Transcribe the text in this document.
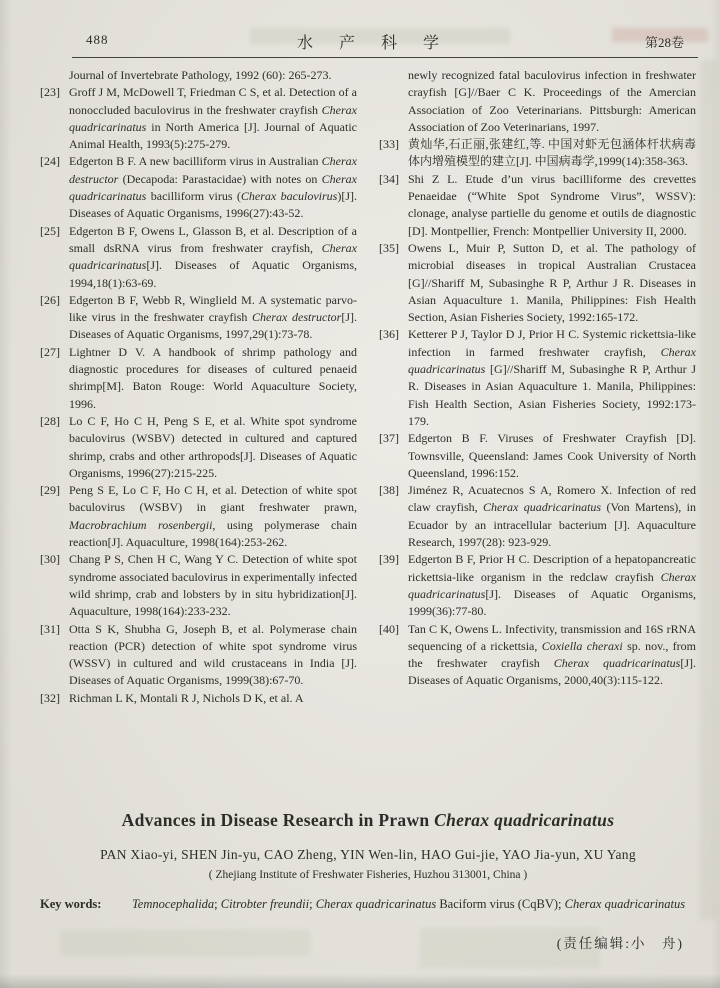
488	水产科学	第28卷
Journal of Invertebrate Pathology, 1992 (60): 265-273.
[23] Groff J M, McDowell T, Friedman C S, et al. Detection of a nonoccluded baculovirus in the freshwater crayfish Cherax quadricarinatus in North America [J]. Journal of Aquatic Animal Health, 1993(5):275-279.
[24] Edgerton B F. A new bacilliform virus in Australian Cherax destructor (Decapoda: Parastacidae) with notes on Cherax quadricarinatus bacilliform virus (Cherax baculovirus)[J]. Diseases of Aquatic Organisms, 1996(27):43-52.
[25] Edgerton B F, Owens L, Glasson B, et al. Description of a small dsRNA virus from freshwater crayfish, Cherax quadricarinatus[J]. Diseases of Aquatic Organisms, 1994,18(1):63-69.
[26] Edgerton B F, Webb R, Winglield M. A systematic parvo-like virus in the freshwater crayfish Cherax destructor[J]. Diseases of Aquatic Organisms, 1997,29(1):73-78.
[27] Lightner D V. A handbook of shrimp pathology and diagnostic procedures for diseases of cultured penaeid shrimp[M]. Baton Rouge: World Aquaculture Society, 1996.
[28] Lo C F, Ho C H, Peng S E, et al. White spot syndrome baculovirus (WSBV) detected in cultured and captured shrimp, crabs and other arthropods[J]. Diseases of Aquatic Organisms, 1996(27):215-225.
[29] Peng S E, Lo C F, Ho C H, et al. Detection of white spot baculovirus (WSBV) in giant freshwater prawn, Macrobrachium rosenbergii, using polymerase chain reaction[J]. Aquaculture, 1998(164):253-262.
[30] Chang P S, Chen H C, Wang Y C. Detection of white spot syndrome associated baculovirus in experimentally infected wild shrimp, crab and lobsters by in situ hybridization[J]. Aquaculture, 1998(164):233-232.
[31] Otta S K, Shubha G, Joseph B, et al. Polymerase chain reaction (PCR) detection of white spot syndrome virus (WSSV) in cultured and wild crustaceans in India [J]. Diseases of Aquatic Organisms, 1999(38):67-70.
[32] Richman L K, Montali R J, Nichols D K, et al. A
newly recognized fatal baculovirus infection in freshwater crayfish [G]//Baer C K. Proceedings of the Amercian Association of Zoo Veterinarians. Pittsburgh: American Association of Zoo Veterinarians, 1997.
[33] 黄灿华,石正丽,张建红,等. 中国对虾无包涵体杆状病毒体内增殖模型的建立[J]. 中国病毒学,1999(14):358-363.
[34] Shi Z L. Etude d’un virus bacilliforme des crevettes Penaeidae (“White Spot Syndrome Virus”, WSSV): clonage, analyse partielle du genome et outils de diagnostic [D]. Montpellier, French: Montpellier University II, 2000.
[35] Owens L, Muir P, Sutton D, et al. The pathology of microbial diseases in tropical Australian Crustacea [G]//Shariff M, Subasinghe R P, Arthur J R. Diseases in Asian Aquaculture 1. Manila, Philippines: Fish Health Section, Asian Fisheries Society, 1992:165-172.
[36] Ketterer P J, Taylor D J, Prior H C. Systemic rickettsia-like infection in farmed freshwater crayfish, Cherax quadricarinatus [G]//Shariff M, Subasinghe R P, Arthur J R. Diseases in Asian Aquaculture 1. Manila, Philippines: Fish Health Section, Asian Fisheries Society, 1992:173-179.
[37] Edgerton B F. Viruses of Freshwater Crayfish [D]. Townsville, Queensland: James Cook University of North Queensland, 1996:152.
[38] Jiménez R, Acuatecnos S A, Romero X. Infection of red claw crayfish, Cherax quadricarinatus (Von Martens), in Ecuador by an intracellular bacterium [J]. Aquaculture Research, 1997(28): 923-929.
[39] Edgerton B F, Prior H C. Description of a hepatopancreatic rickettsia-like organism in the redclaw crayfish Cherax quadricarinatus[J]. Diseases of Aquatic Organisms, 1999(36):77-80.
[40] Tan C K, Owens L. Infectivity, transmission and 16S rRNA sequencing of a rickettsia, Coxiella cheraxi sp. nov., from the freshwater crayfish Cherax quadricarinatus[J]. Diseases of Aquatic Organisms, 2000,40(3):115-122.
Advances in Disease Research in Prawn Cherax quadricarinatus
PAN Xiao-yi, SHEN Jin-yu, CAO Zheng, YIN Wen-lin, HAO Gui-jie, YAO Jia-yun, XU Yang
( Zhejiang Institute of Freshwater Fisheries, Huzhou 313001, China )
Key words: Temnocephalida; Citrobter freundii; Cherax quadricarinatus Baciform virus (CqBV); Cherax quadricarinatus
(责任编辑:小　舟)
